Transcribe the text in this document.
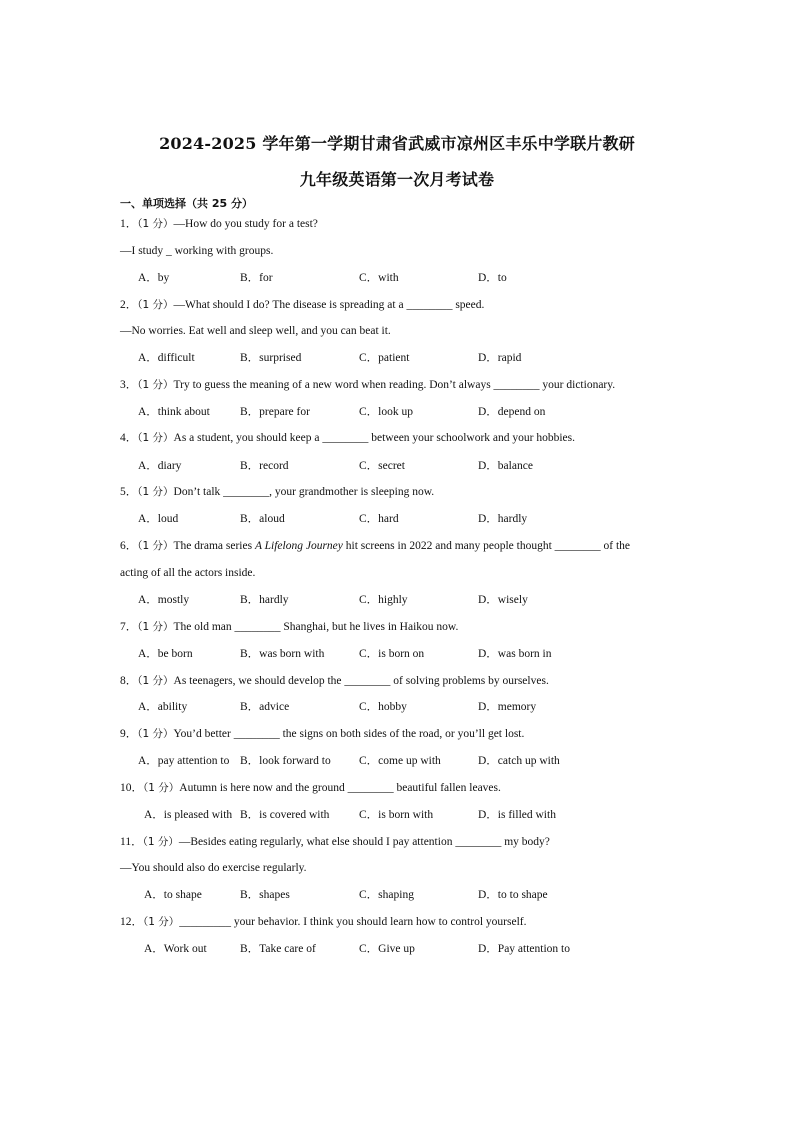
2024-2025 学年第一学期甘肃省武威市凉州区丰乐中学联片教研
九年级英语第一次月考试卷
一、单项选择（共 25 分）
1．（1 分）—How do you study for a test?
—I study _ working with groups.
A．by	B．for	C．with	D．to
2．（1 分）—What should I do? The disease is spreading at a ________ speed.
—No worries. Eat well and sleep well, and you can beat it.
A．difficult	B．surprised	C．patient	D．rapid
3．（1 分）Try to guess the meaning of a new word when reading. Don’t always ________ your dictionary.
A．think about	B．prepare for	C．look up	D．depend on
4．（1 分）As a student, you should keep a ________ between your schoolwork and your hobbies.
A．diary	B．record	C．secret	D．balance
5．（1 分）Don’t talk ________, your grandmother is sleeping now.
A．loud	B．aloud	C．hard	D．hardly
6．（1 分）The drama series A Lifelong Journey hit screens in 2022 and many people thought ________ of the
acting of all the actors inside.
A．mostly	B．hardly	C．highly	D．wisely
7．（1 分）The old man ________ Shanghai, but he lives in Haikou now.
A．be born	B．was born with	C．is born on	D．was born in
8．（1 分）As teenagers, we should develop the ________ of solving problems by ourselves.
A．ability	B．advice	C．hobby	D．memory
9．（1 分）You’d better ________ the signs on both sides of the road, or you’ll get lost.
A．pay attention to B．look forward to C．come up with	D．catch up with
10．（1 分）Autumn is here now and the ground ________ beautiful fallen leaves.
A．is pleased with B．is covered with	C．is born with	D．is filled with
11．（1 分）—Besides eating regularly, what else should I pay attention ________ my body?
—You should also do exercise regularly.
A．to shape	B．shapes	C．shaping	D．to to shape
12．（1 分）_________ your behavior. I think you should learn how to control yourself.
A．Work out	B．Take care of	C．Give up	D．Pay attention to
